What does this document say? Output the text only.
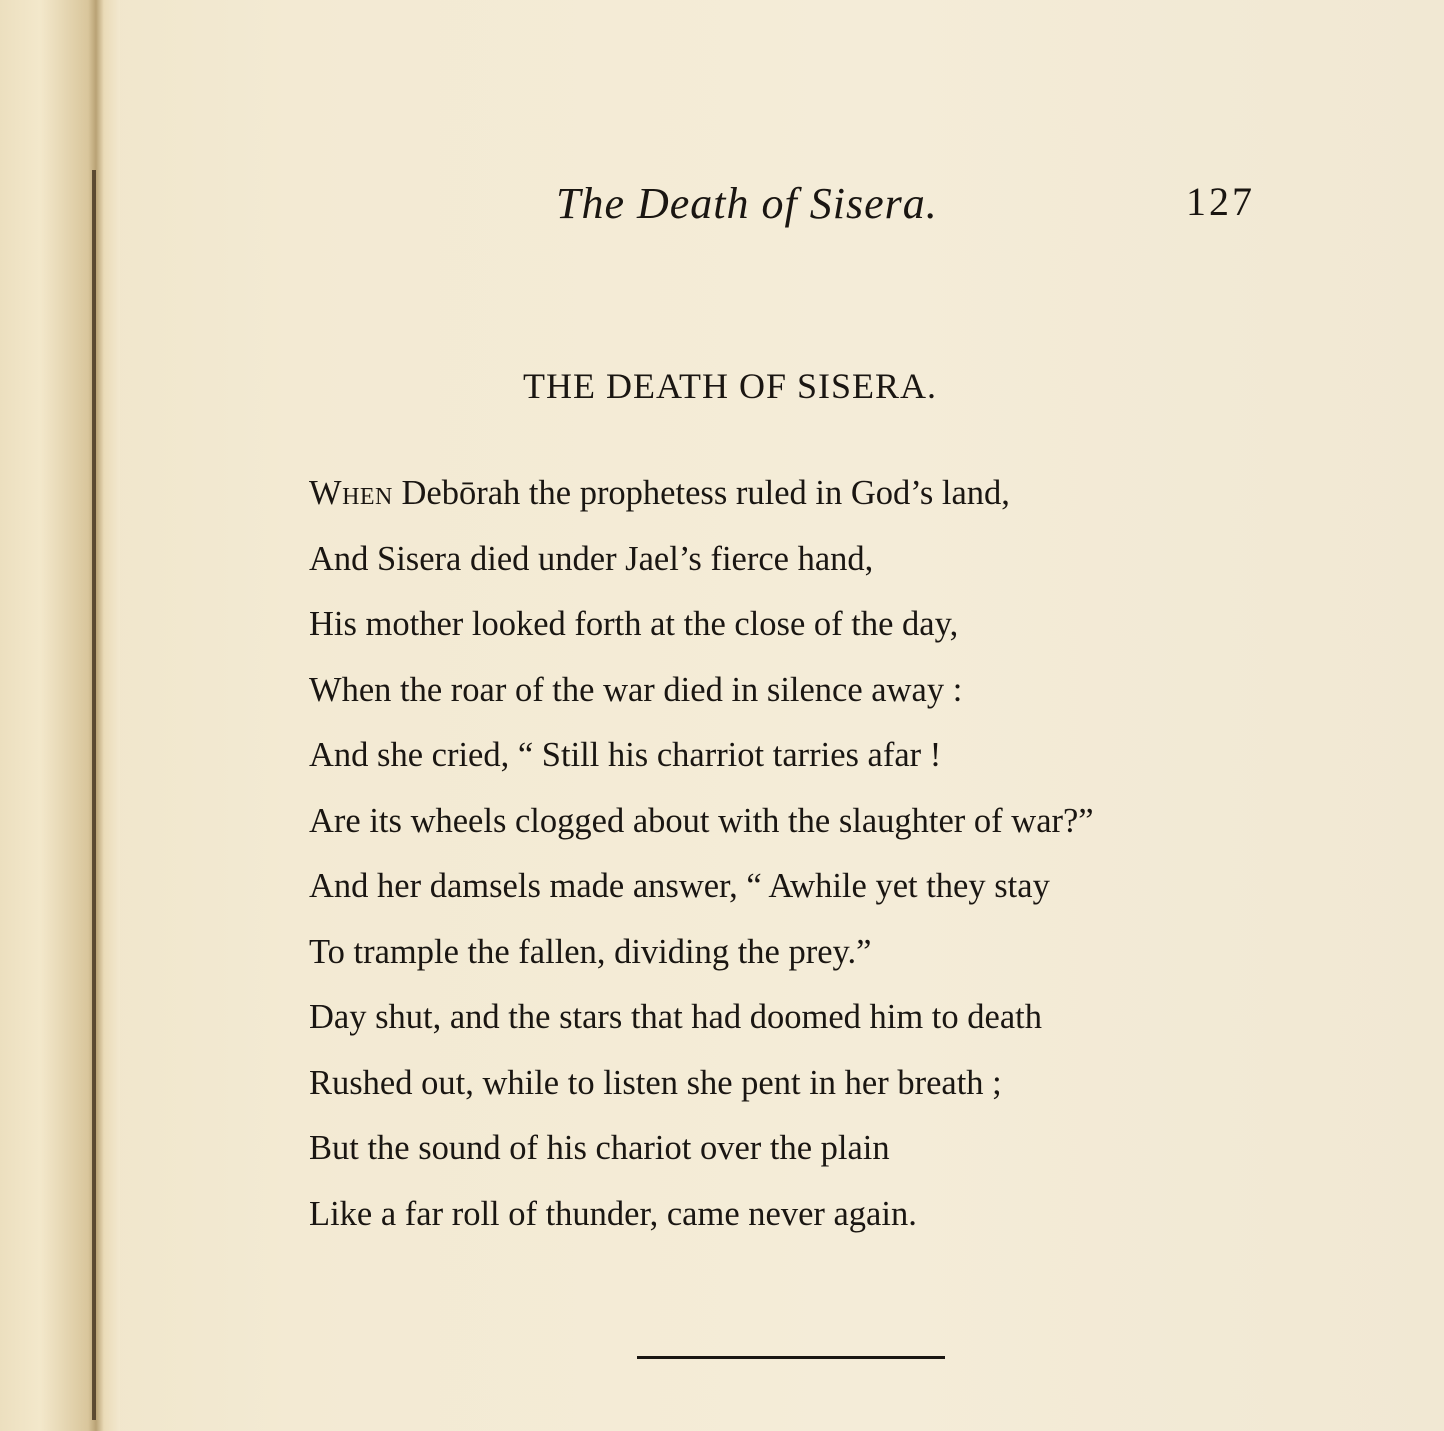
The Death of Sisera.	127
THE DEATH OF SISERA.
When Debōrah the prophetess ruled in God’s land,
And Sisera died under Jael’s fierce hand,
His mother looked forth at the close of the day,
When the roar of the war died in silence away :
And she cried, “ Still his charriot tarries afar !
Are its wheels clogged about with the slaughter of war?”
And her damsels made answer, “ Awhile yet they stay
To trample the fallen, dividing the prey.”
Day shut, and the stars that had doomed him to death
Rushed out, while to listen she pent in her breath ;
But the sound of his chariot over the plain
Like a far roll of thunder, came never again.
